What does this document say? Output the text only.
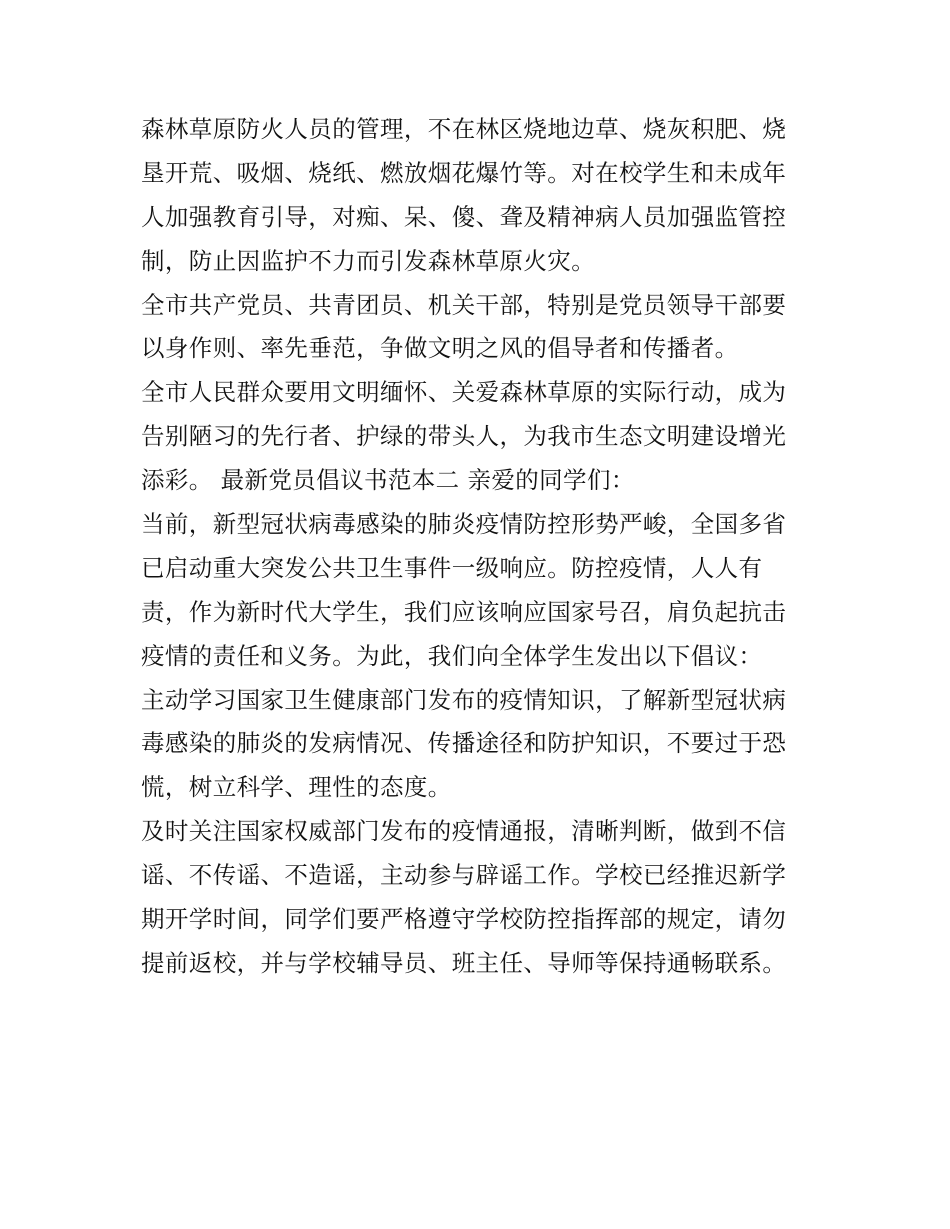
森林草原防火人员的管理，不在林区烧地边草、烧灰积肥、烧
垦开荒、吸烟、烧纸、燃放烟花爆竹等。对在校学生和未成年
人加强教育引导，对痴、呆、傻、聋及精神病人员加强监管控
制，防止因监护不力而引发森林草原火灾。
全市共产党员、共青团员、机关干部，特别是党员领导干部要
以身作则、率先垂范，争做文明之风的倡导者和传播者。
全市人民群众要用文明缅怀、关爱森林草原的实际行动，成为
告别陋习的先行者、护绿的带头人，为我市生态文明建设增光
添彩。 最新党员倡议书范本二 亲爱的同学们：
当前，新型冠状病毒感染的肺炎疫情防控形势严峻，全国多省
已启动重大突发公共卫生事件一级响应。防控疫情，人人有
责，作为新时代大学生，我们应该响应国家号召，肩负起抗击
疫情的责任和义务。为此，我们向全体学生发出以下倡议：
主动学习国家卫生健康部门发布的疫情知识，了解新型冠状病
毒感染的肺炎的发病情况、传播途径和防护知识，不要过于恐
慌，树立科学、理性的态度。
及时关注国家权威部门发布的疫情通报，清晰判断，做到不信
谣、不传谣、不造谣，主动参与辟谣工作。学校已经推迟新学
期开学时间，同学们要严格遵守学校防控指挥部的规定，请勿
提前返校，并与学校辅导员、班主任、导师等保持通畅联系。
